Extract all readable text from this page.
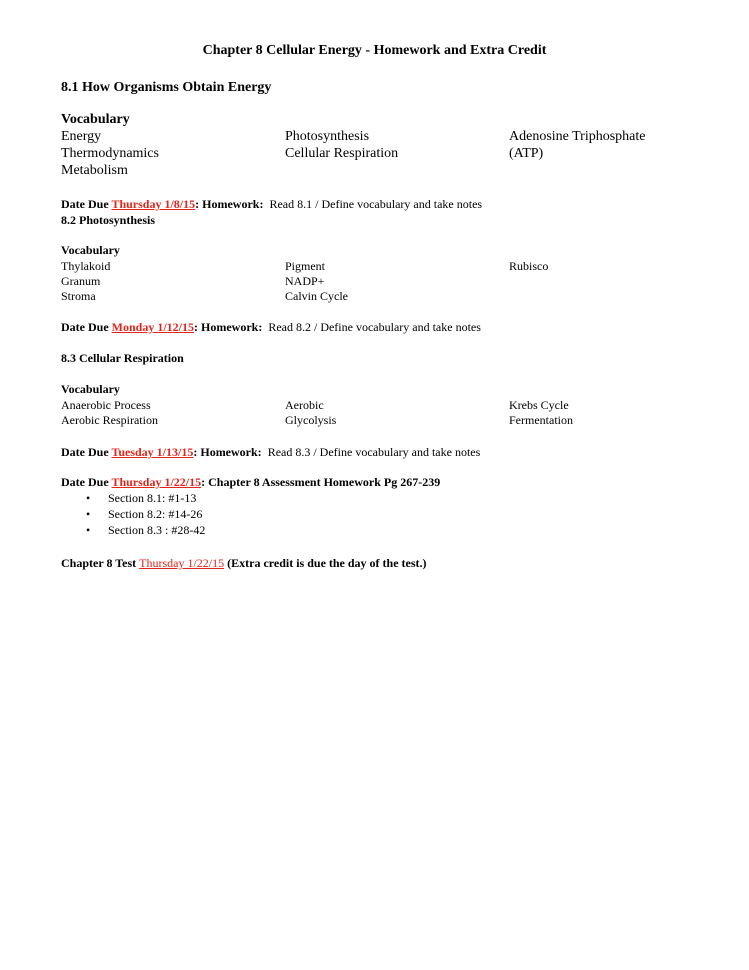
Chapter 8 Cellular Energy - Homework and Extra Credit
8.1 How Organisms Obtain Energy
Vocabulary
Energy
Thermodynamics
Metabolism
Photosynthesis
Cellular Respiration
Adenosine Triphosphate
(ATP)
Date Due Thursday 1/8/15: Homework: Read 8.1 / Define vocabulary and take notes
8.2 Photosynthesis
Vocabulary
Thylakoid
Granum
Stroma
Pigment
NADP+
Calvin Cycle
Rubisco
Date Due Monday 1/12/15: Homework: Read 8.2 / Define vocabulary and take notes
8.3 Cellular Respiration
Vocabulary
Anaerobic Process
Aerobic Respiration
Aerobic
Glycolysis
Krebs Cycle
Fermentation
Date Due Tuesday 1/13/15: Homework: Read 8.3 / Define vocabulary and take notes
Date Due Thursday 1/22/15: Chapter 8 Assessment Homework Pg 267-239
• Section 8.1: #1-13
• Section 8.2: #14-26
• Section 8.3 : #28-42
Chapter 8 Test Thursday 1/22/15 (Extra credit is due the day of the test.)
